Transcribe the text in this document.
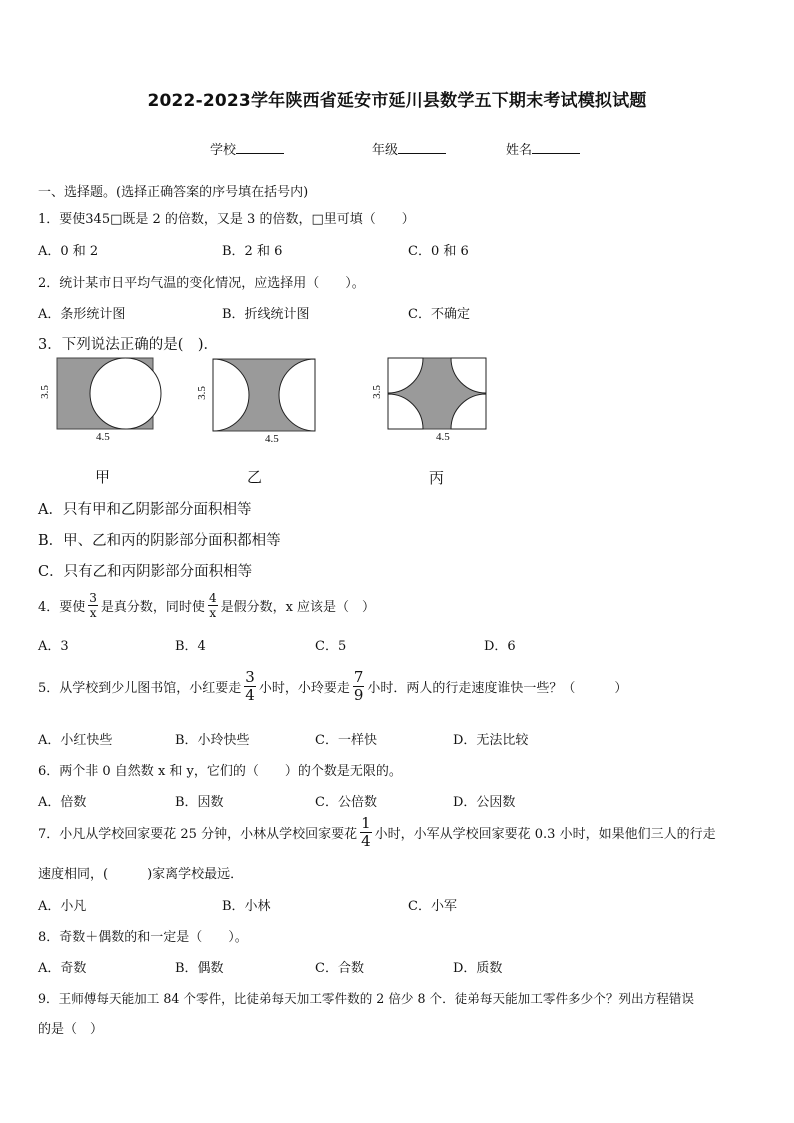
2022-2023学年陕西省延安市延川县数学五下期末考试模拟试题
学校	年级	姓名
一、选择题。(选择正确答案的序号填在括号内)
1．要使345□既是 2 的倍数，又是 3 的倍数，□里可填（　　）
A．0 和 2	B．2 和 6	C．0 和 6
2．统计某市日平均气温的变化情况，应选择用（　　）。
A．条形统计图	B．折线统计图	C．不确定
3．下列说法正确的是(　)．
3.5
4.5
甲
3.5
4.5
乙
3.5
4.5
丙
A．只有甲和乙阴影部分面积相等
B．甲、乙和丙的阴影部分面积都相等
C．只有乙和丙阴影部分面积相等
4．要使 $\frac{3}{x}$ 是真分数，同时使 $\frac{4}{x}$ 是假分数，x 应该是（　）
A．3	B．4	C．5	D．6
5．从学校到少儿图书馆，小红要走 $\frac{3}{4}$ 小时，小玲要走 $\frac{7}{9}$ 小时．两人的行走速度谁快一些？（　　　）
A．小红快些	B．小玲快些	C．一样快	D．无法比较
6．两个非 0 自然数 x 和 y，它们的（　　）的个数是无限的。
A．倍数	B．因数	C．公倍数	D．公因数
7．小凡从学校回家要花 25 分钟，小林从学校回家要花 $\frac{1}{4}$ 小时，小军从学校回家要花 0.3 小时，如果他们三人的行走
速度相同，(　　　)家离学校最远．
A．小凡	B．小林	C．小军
8．奇数＋偶数的和一定是（　　）。
A．奇数	B．偶数	C．合数	D．质数
9．王师傅每天能加工 84 个零件，比徒弟每天加工零件数的 2 倍少 8 个．徒弟每天能加工零件多少个？列出方程错误
的是（　）
